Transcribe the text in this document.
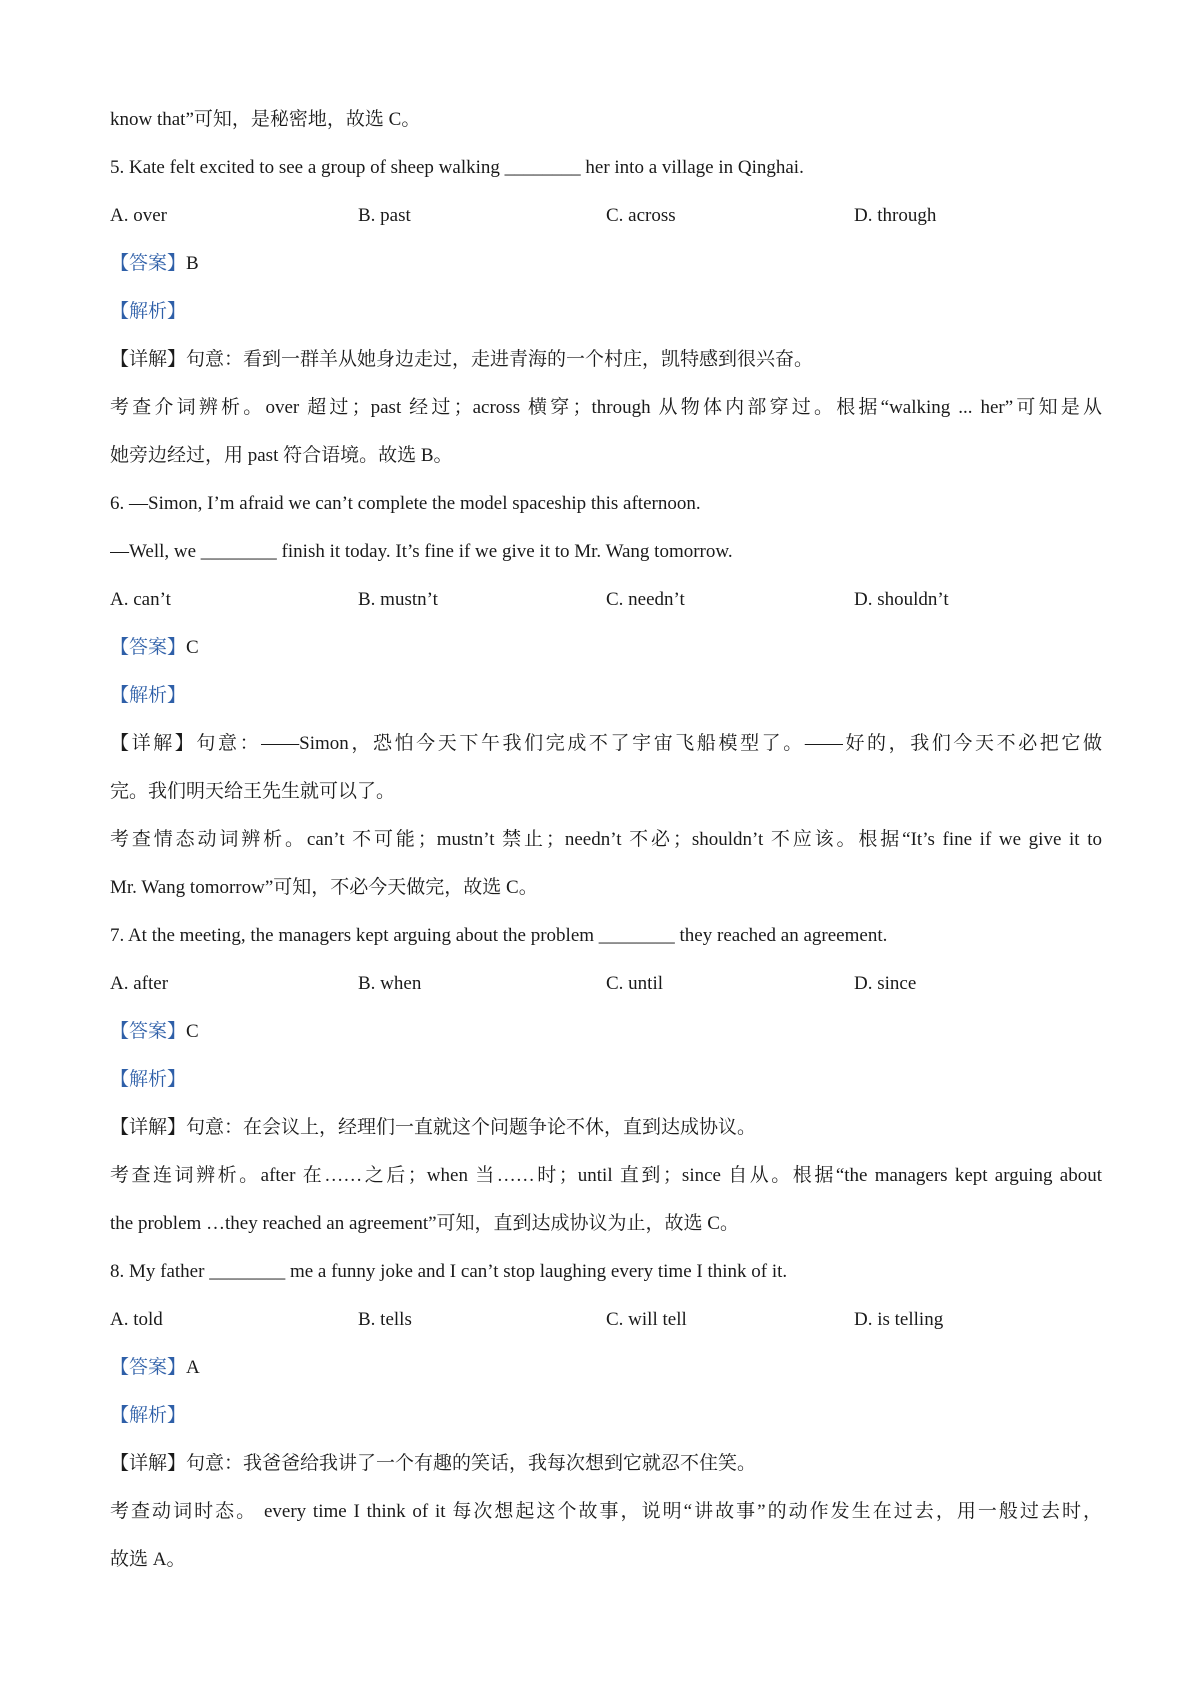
know that”可知，是秘密地，故选 C。
5. Kate felt excited to see a group of sheep walking ________ her into a village in Qinghai.
A. over	B. past	C. across	D. through
【答案】B
【解析】
【详解】句意：看到一群羊从她身边走过，走进青海的一个村庄，凯特感到很兴奋。
考查介词辨析。over 超过；past 经过；across 横穿；through 从物体内部穿过。根据“walking ... her”可知是从
她旁边经过，用 past 符合语境。故选 B。
6. —Simon, I’m afraid we can’t complete the model spaceship this afternoon.
—Well, we ________ finish it today. It’s fine if we give it to Mr. Wang tomorrow.
A. can’t	B. mustn’t	C. needn’t	D. shouldn’t
【答案】C
【解析】
【详解】句意：——Simon，恐怕今天下午我们完成不了宇宙飞船模型了。——好的，我们今天不必把它做
完。我们明天给王先生就可以了。
考查情态动词辨析。can’t 不可能；mustn’t 禁止；needn’t 不必；shouldn’t 不应该。根据“It’s fine if we give it to
Mr. Wang tomorrow”可知，不必今天做完，故选 C。
7. At the meeting, the managers kept arguing about the problem ________ they reached an agreement.
A. after	B. when	C. until	D. since
【答案】C
【解析】
【详解】句意：在会议上，经理们一直就这个问题争论不休，直到达成协议。
考查连词辨析。after 在……之后；when 当……时；until 直到；since 自从。根据“the managers kept arguing about
the problem …they reached an agreement”可知，直到达成协议为止，故选 C。
8. My father ________ me a funny joke and I can’t stop laughing every time I think of it.
A. told	B. tells	C. will tell	D. is telling
【答案】A
【解析】
【详解】句意：我爸爸给我讲了一个有趣的笑话，我每次想到它就忍不住笑。
考查动词时态。 every time I think of it 每次想起这个故事，说明“讲故事”的动作发生在过去，用一般过去时，
故选 A。
